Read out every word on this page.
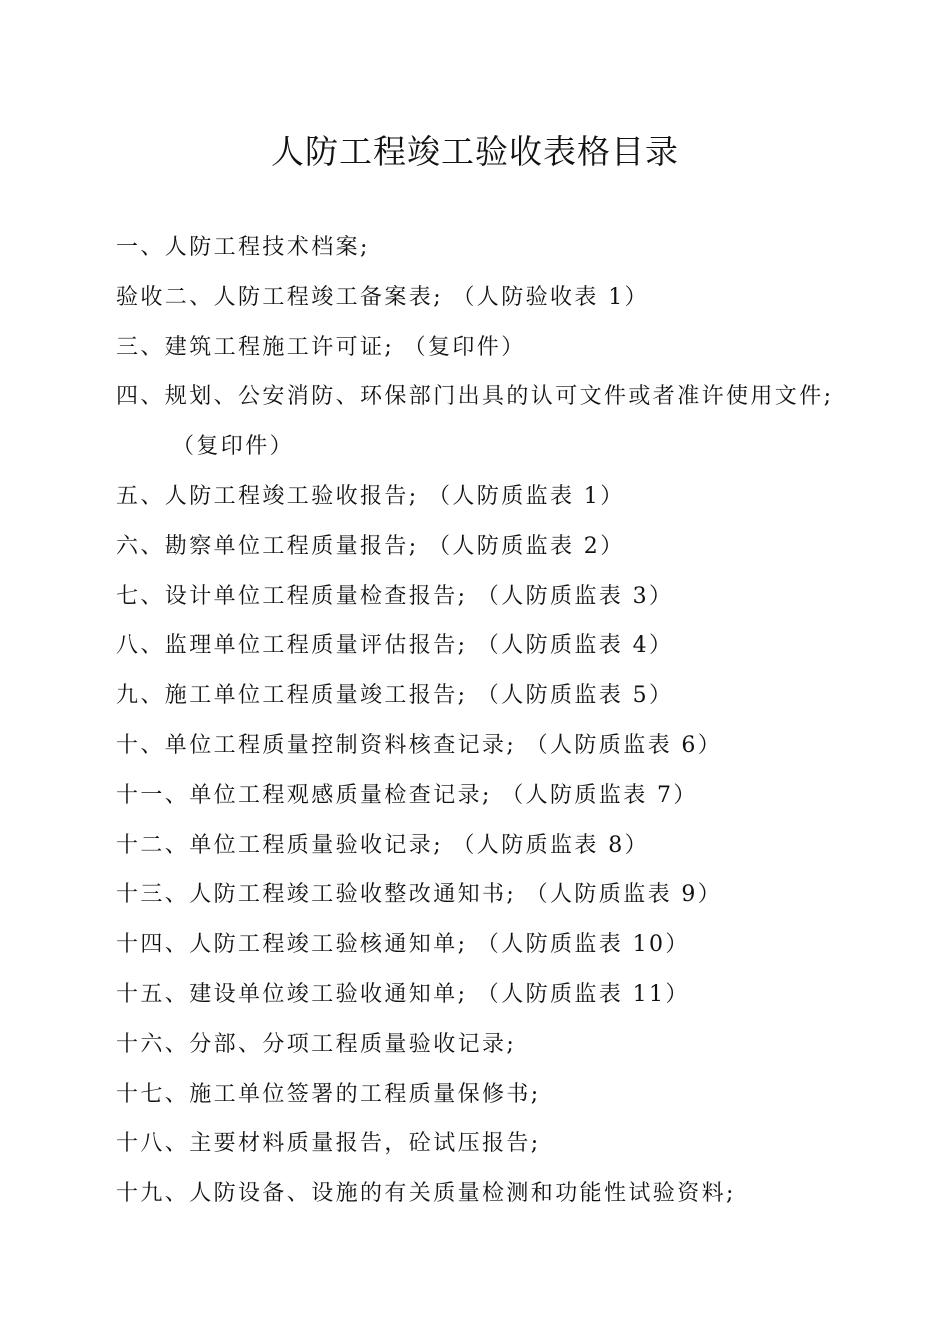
人防工程竣工验收表格目录
一、人防工程技术档案;
验收二、人防工程竣工备案表; （人防验收表 1）
三、建筑工程施工许可证; （复印件）
四、规划、公安消防、环保部门出具的认可文件或者准许使用文件;
（复印件）
五、人防工程竣工验收报告; （人防质监表 1）
六、勘察单位工程质量报告; （人防质监表 2）
七、设计单位工程质量检查报告; （人防质监表 3）
八、监理单位工程质量评估报告; （人防质监表 4）
九、施工单位工程质量竣工报告; （人防质监表 5）
十、单位工程质量控制资料核查记录; （人防质监表 6）
十一、单位工程观感质量检查记录; （人防质监表 7）
十二、单位工程质量验收记录; （人防质监表 8）
十三、人防工程竣工验收整改通知书; （人防质监表 9）
十四、人防工程竣工验核通知单; （人防质监表 10）
十五、建设单位竣工验收通知单; （人防质监表 11）
十六、分部、分项工程质量验收记录;
十七、施工单位签署的工程质量保修书;
十八、主要材料质量报告，砼试压报告;
十九、人防设备、设施的有关质量检测和功能性试验资料;
